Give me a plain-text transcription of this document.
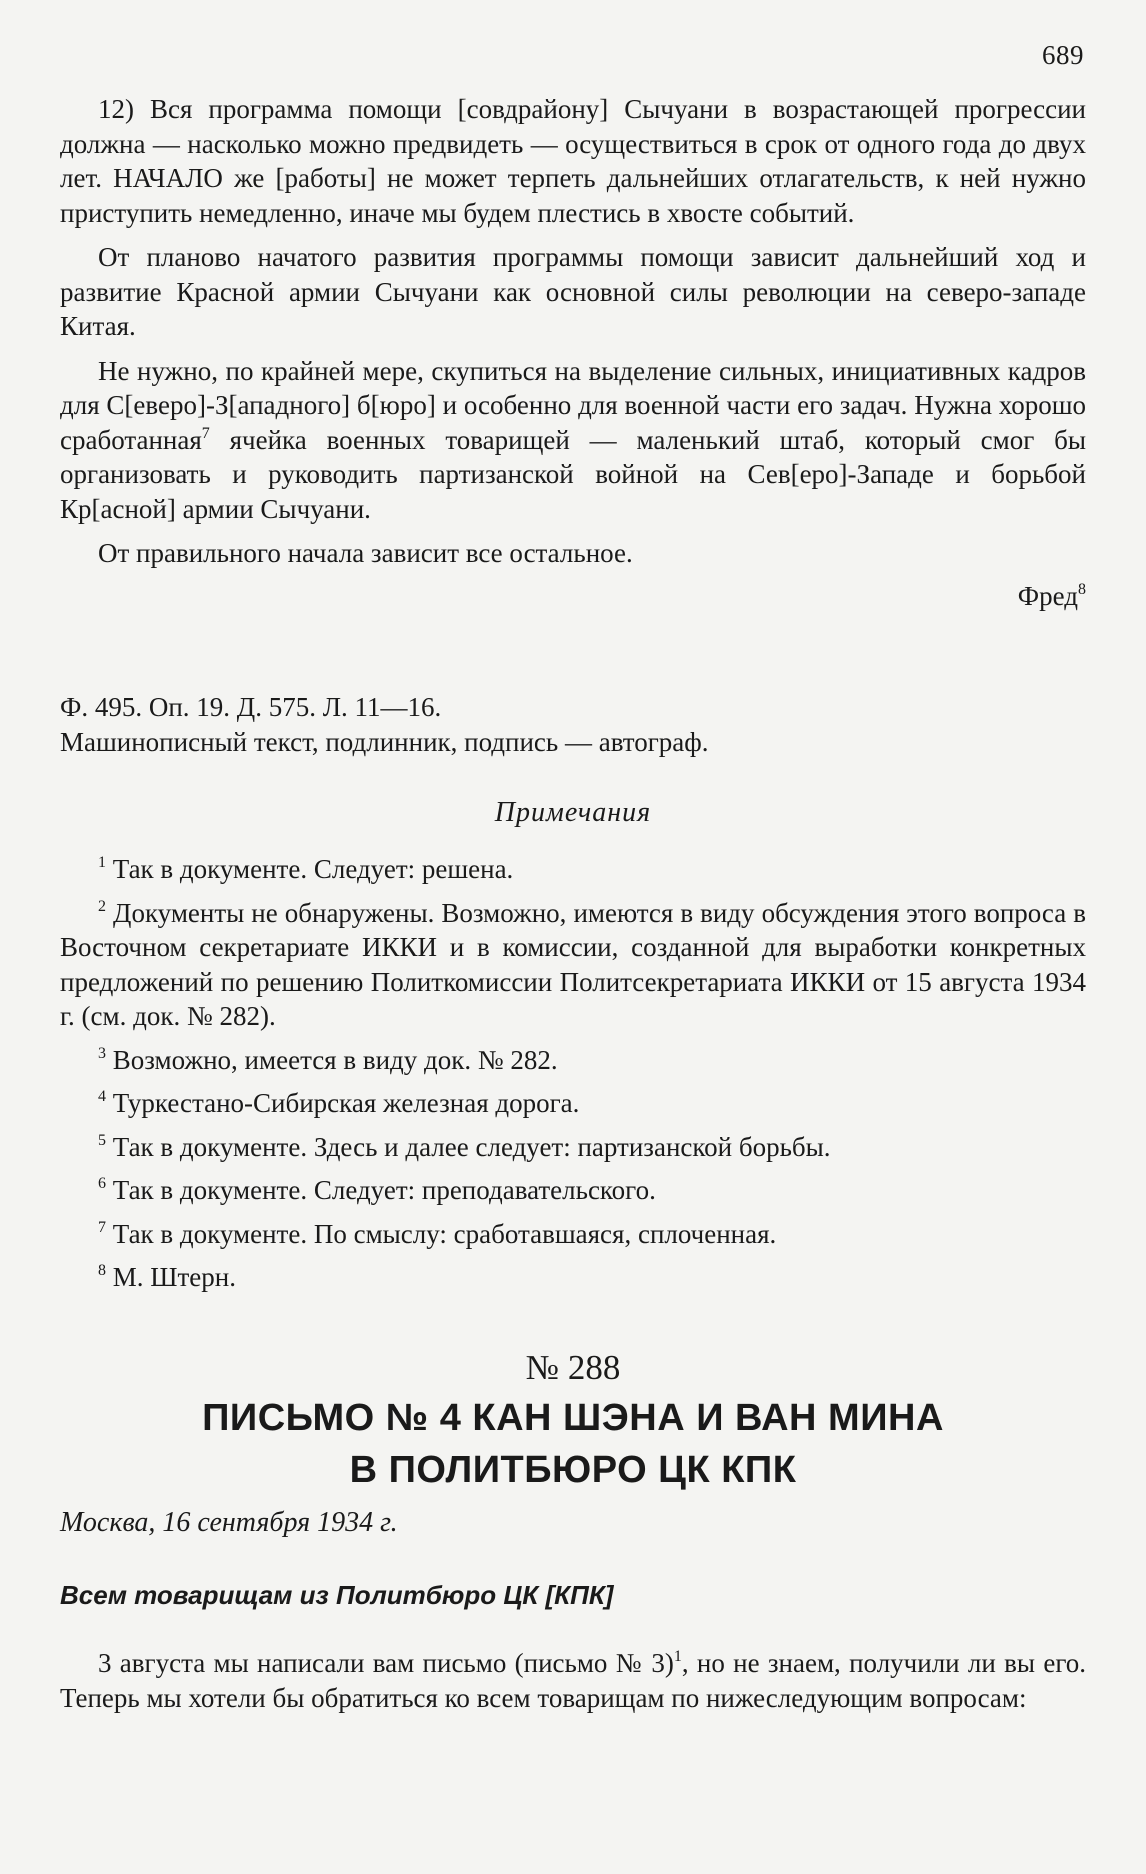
689

12) Вся программа помощи [совдрайону] Сычуани в возрастающей прогрессии должна — насколько можно предвидеть — осуществиться в срок от одного года до двух лет. НАЧАЛО же [работы] не может терпеть дальнейших отлагательств, к ней нужно приступить немедленно, иначе мы будем плестись в хвосте событий.

От планово начатого развития программы помощи зависит дальнейший ход и развитие Красной армии Сычуани как основной силы революции на северо-западе Китая.

Не нужно, по крайней мере, скупиться на выделение сильных, инициативных кадров для С[еверо]-З[ападного] б[юро] и особенно для военной части его задач. Нужна хорошо сработанная$^7$ ячейка военных товарищей — маленький штаб, который смог бы организовать и руководить партизанской войной на Сев[еро]-Западе и борьбой Кр[асной] армии Сычуани.

От правильного начала зависит все остальное.

Фред$^8$

Ф. 495. Оп. 19. Д. 575. Л. 11—16.

Машинописный текст, подлинник, подпись — автограф.

Примечания

$^1$ Так в документе. Следует: решена.

$^2$ Документы не обнаружены. Возможно, имеются в виду обсуждения этого вопроса в Восточном секретариате ИККИ и в комиссии, созданной для выработки конкретных предложений по решению Политкомиссии Политсекретариата ИККИ от 15 августа 1934 г. (см. док. № 282).

$^3$ Возможно, имеется в виду док. № 282.

$^4$ Туркестано-Сибирская железная дорога.

$^5$ Так в документе. Здесь и далее следует: партизанской борьбы.

$^6$ Так в документе. Следует: преподавательского.

$^7$ Так в документе. По смыслу: сработавшаяся, сплоченная.

$^8$ М. Штерн.

№ 288
ПИСЬМО № 4 КАН ШЭНА И ВАН МИНА
В ПОЛИТБЮРО ЦК КПК
Москва, 16 сентября 1934 г.
Всем товарищам из Политбюро ЦК [КПК]

3 августа мы написали вам письмо (письмо № 3)$^1$, но не знаем, получили ли вы его. Теперь мы хотели бы обратиться ко всем товарищам по нижеследующим вопросам:
